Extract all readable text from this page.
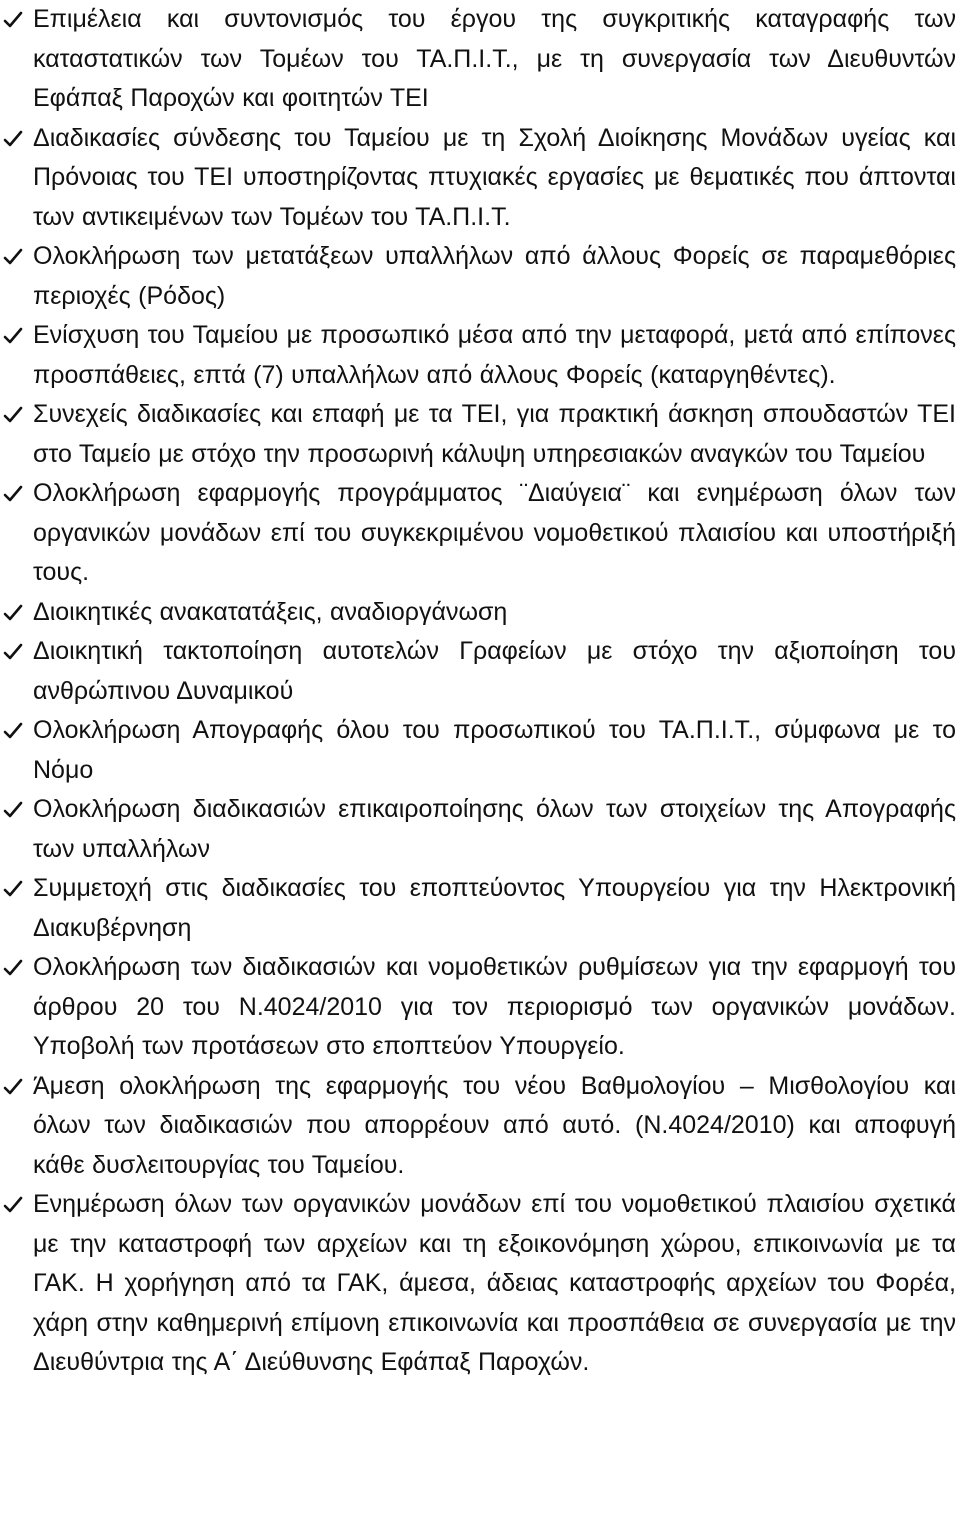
Επιμέλεια και συντονισμός του έργου της συγκριτικής καταγραφής των καταστατικών των Τομέων του ΤΑ.Π.Ι.Τ., με τη συνεργασία των Διευθυντών Εφάπαξ Παροχών και φοιτητών ΤΕΙ
Διαδικασίες σύνδεσης του Ταμείου με τη Σχολή Διοίκησης Μονάδων υγείας και Πρόνοιας του ΤΕΙ υποστηρίζοντας πτυχιακές εργασίες με θεματικές που άπτονται των αντικειμένων των Τομέων του ΤΑ.Π.Ι.Τ.
Ολοκλήρωση των μετατάξεων υπαλλήλων από άλλους Φορείς σε παραμεθόριες περιοχές (Ρόδος)
Ενίσχυση του Ταμείου με προσωπικό μέσα από την μεταφορά, μετά από επίπονες προσπάθειες, επτά (7) υπαλλήλων από άλλους Φορείς (καταργηθέντες).
Συνεχείς διαδικασίες και επαφή με τα ΤΕΙ, για πρακτική άσκηση σπουδαστών ΤΕΙ στο Ταμείο με στόχο την προσωρινή κάλυψη υπηρεσιακών αναγκών του Ταμείου
Ολοκλήρωση εφαρμογής προγράμματος ¨Διαύγεια¨ και ενημέρωση όλων των οργανικών μονάδων επί του συγκεκριμένου νομοθετικού πλαισίου και υποστήριξή τους.
Διοικητικές ανακατατάξεις, αναδιοργάνωση
Διοικητική τακτοποίηση αυτοτελών Γραφείων με στόχο την αξιοποίηση του ανθρώπινου Δυναμικού
Ολοκλήρωση Απογραφής όλου του προσωπικού του ΤΑ.Π.Ι.Τ., σύμφωνα με το Νόμο
Ολοκλήρωση διαδικασιών επικαιροποίησης όλων των στοιχείων της Απογραφής των υπαλλήλων
Συμμετοχή στις διαδικασίες του εποπτεύοντος Υπουργείου για την Ηλεκτρονική Διακυβέρνηση
Ολοκλήρωση των διαδικασιών και νομοθετικών ρυθμίσεων για την εφαρμογή του άρθρου 20 του Ν.4024/2010 για τον περιορισμό των οργανικών μονάδων. Υποβολή των προτάσεων στο εποπτεύον Υπουργείο.
Άμεση ολοκλήρωση της εφαρμογής του νέου Βαθμολογίου – Μισθολογίου και όλων των διαδικασιών που απορρέουν από αυτό. (Ν.4024/2010) και αποφυγή κάθε δυσλειτουργίας του Ταμείου.
Ενημέρωση όλων των οργανικών μονάδων επί του νομοθετικού πλαισίου σχετικά με την καταστροφή των αρχείων και τη εξοικονόμηση χώρου, επικοινωνία με τα ΓΑΚ. Η χορήγηση από τα ΓΑΚ, άμεσα, άδειας καταστροφής αρχείων του Φορέα, χάρη στην καθημερινή επίμονη επικοινωνία και προσπάθεια σε συνεργασία με την Διευθύντρια της Α΄ Διεύθυνσης Εφάπαξ Παροχών.
